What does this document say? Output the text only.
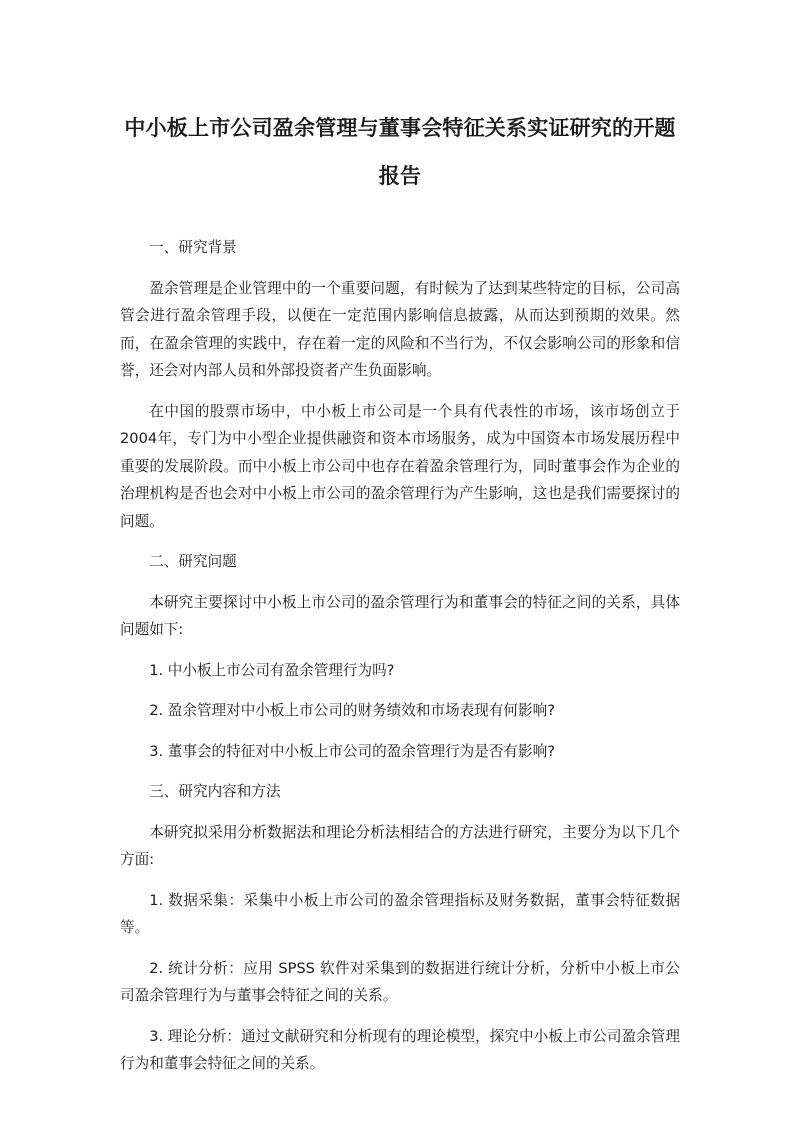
中小板上市公司盈余管理与董事会特征关系实证研究的开题报告

一、研究背景

盈余管理是企业管理中的一个重要问题，有时候为了达到某些特定的目标，公司高管会进行盈余管理手段，以便在一定范围内影响信息披露，从而达到预期的效果。然而，在盈余管理的实践中，存在着一定的风险和不当行为，不仅会影响公司的形象和信誉，还会对内部人员和外部投资者产生负面影响。

在中国的股票市场中，中小板上市公司是一个具有代表性的市场，该市场创立于2004年，专门为中小型企业提供融资和资本市场服务，成为中国资本市场发展历程中重要的发展阶段。而中小板上市公司中也存在着盈余管理行为，同时董事会作为企业的治理机构是否也会对中小板上市公司的盈余管理行为产生影响，这也是我们需要探讨的问题。

二、研究问题

本研究主要探讨中小板上市公司的盈余管理行为和董事会的特征之间的关系，具体问题如下:

1. 中小板上市公司有盈余管理行为吗?

2. 盈余管理对中小板上市公司的财务绩效和市场表现有何影响?

3. 董事会的特征对中小板上市公司的盈余管理行为是否有影响?

三、研究内容和方法

本研究拟采用分析数据法和理论分析法相结合的方法进行研究，主要分为以下几个方面:

1. 数据采集：采集中小板上市公司的盈余管理指标及财务数据，董事会特征数据等。

2. 统计分析：应用 SPSS 软件对采集到的数据进行统计分析，分析中小板上市公司盈余管理行为与董事会特征之间的关系。

3. 理论分析：通过文献研究和分析现有的理论模型，探究中小板上市公司盈余管理行为和董事会特征之间的关系。
